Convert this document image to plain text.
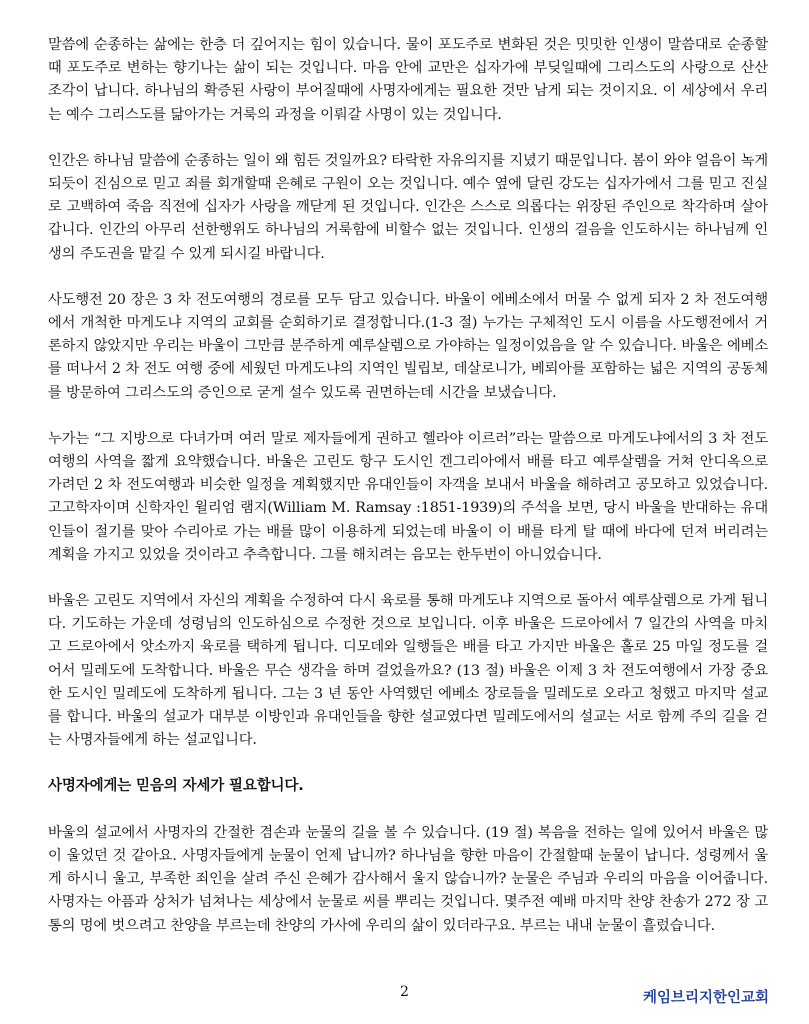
말씀에 순종하는 삶에는 한층 더 깊어지는 힘이 있습니다. 물이 포도주로 변화된 것은 밋밋한 인생이 말씀대로 순종할때 포도주로 변하는 향기나는 삶이 되는 것입니다. 마음 안에 교만은 십자가에 부딪일때에 그리스도의 사랑으로 산산조각이 납니다. 하나님의 확증된 사랑이 부어질때에 사명자에게는 필요한 것만 남게 되는 것이지요. 이 세상에서 우리는 예수 그리스도를 닮아가는 거룩의 과정을 이뤄갈 사명이 있는 것입니다.

인간은 하나님 말씀에 순종하는 일이 왜 힘든 것일까요? 타락한 자유의지를 지녔기 때문입니다. 봄이 와야 얼음이 녹게 되듯이 진심으로 믿고 죄를 회개할때 은혜로 구원이 오는 것입니다. 예수 옆에 달린 강도는 십자가에서 그를 믿고 진실로 고백하여 죽음 직전에 십자가 사랑을 깨닫게 된 것입니다. 인간은 스스로 의롭다는 위장된 주인으로 착각하며 살아갑니다. 인간의 아무리 선한행위도 하나님의 거룩함에 비할수 없는 것입니다. 인생의 걸음을 인도하시는 하나님께 인생의 주도권을 맡길 수 있게 되시길 바랍니다.

사도행전 20 장은 3 차 전도여행의 경로를 모두 담고 있습니다. 바울이 에베소에서 머물 수 없게 되자 2 차 전도여행에서 개척한 마게도냐 지역의 교회를 순회하기로 결정합니다.(1-3 절) 누가는 구체적인 도시 이름을 사도행전에서 거론하지 않았지만 우리는 바울이 그만큼 분주하게 예루살렘으로 가야하는 일정이었음을 알 수 있습니다. 바울은 에베소를 떠나서 2 차 전도 여행 중에 세웠던 마게도냐의 지역인 빌립보, 데살로니가, 베뢰아를 포함하는 넓은 지역의 공동체를 방문하여 그리스도의 증인으로 굳게 설수 있도록 권면하는데 시간을 보냈습니다.

누가는 “그 지방으로 다녀가며 여러 말로 제자들에게 권하고 헬라야 이르러”라는 말씀으로 마게도냐에서의 3 차 전도 여행의 사역을 짧게 요약했습니다. 바울은 고린도 항구 도시인 겐그리아에서 배를 타고 예루살렘을 거쳐 안디옥으로 가려던 2 차 전도여행과 비슷한 일정을 계획했지만 유대인들이 자객을 보내서 바울을 해하려고 공모하고 있었습니다. 고고학자이며 신학자인 윌리엄 램지(William M. Ramsay :1851-1939)의 주석을 보면, 당시 바울을 반대하는 유대인들이 절기를 맞아 수리아로 가는 배를 많이 이용하게 되었는데 바울이 이 배를 타게 탈 때에 바다에 던져 버리려는 계획을 가지고 있었을 것이라고 추측합니다. 그를 해치려는 음모는 한두번이 아니었습니다.

바울은 고린도 지역에서 자신의 계획을 수정하여 다시 육로를 통해 마게도냐 지역으로 돌아서 예루살렘으로 가게 됩니다. 기도하는 가운데 성령님의 인도하심으로 수정한 것으로 보입니다. 이후 바울은 드로아에서 7 일간의 사역을 마치고 드로아에서 앗소까지 육로를 택하게 됩니다. 디모데와 일행들은 배를 타고 가지만 바울은 홀로 25 마일 정도를 걸어서 밀레도에 도착합니다. 바울은 무슨 생각을 하며 걸었을까요? (13 절) 바울은 이제 3 차 전도여행에서 가장 중요한 도시인 밀레도에 도착하게 됩니다. 그는 3 년 동안 사역했던 에베소 장로들을 밀레도로 오라고 청했고 마지막 설교를 합니다. 바울의 설교가 대부분 이방인과 유대인들을 향한 설교였다면 밀레도에서의 설교는 서로 함께 주의 길을 걷는 사명자들에게 하는 설교입니다.

사명자에게는 믿음의 자세가 필요합니다.

바울의 설교에서 사명자의 간절한 겸손과 눈물의 길을 볼 수 있습니다. (19 절) 복음을 전하는 일에 있어서 바울은 많이 울었던 것 같아요. 사명자들에게 눈물이 언제 납니까? 하나님을 향한 마음이 간절할때 눈물이 납니다. 성령께서 울게 하시니 울고, 부족한 죄인을 살려 주신 은혜가 감사해서 울지 않습니까? 눈물은 주님과 우리의 마음을 이어줍니다. 사명자는 아픔과 상처가 넘쳐나는 세상에서 눈물로 씨를 뿌리는 것입니다. 몇주전 예배 마지막 찬양 찬송가 272 장 고통의 멍에 벗으려고 찬양을 부르는데 찬양의 가사에 우리의 삶이 있더라구요. 부르는 내내 눈물이 흘렀습니다.

2	케임브리지한인교회
